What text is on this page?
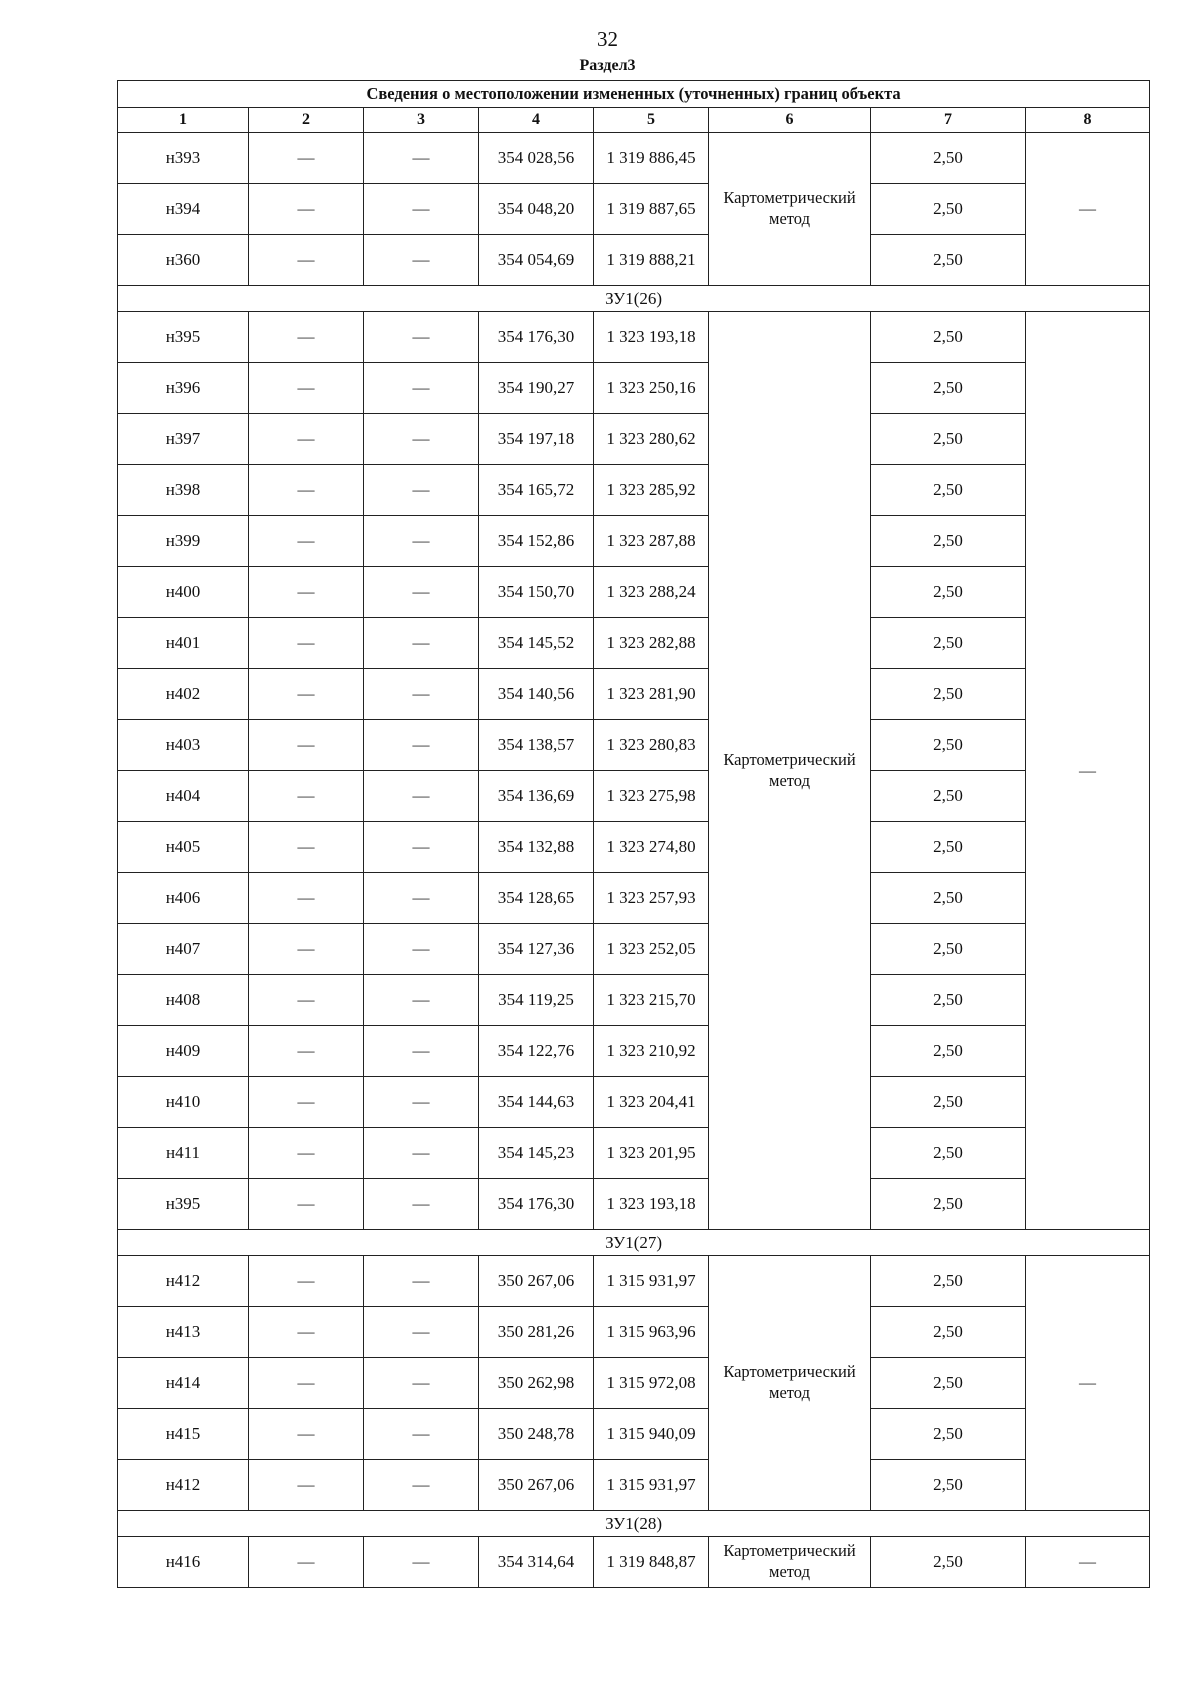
32
Раздел3
Сведения о местоположении измененных (уточненных) границ объекта							
1	2	3	4	5	6	7	8
н393	—	—	354 028,56	1 319 886,45	Картометрический метод	2,50	—
н394	—	—	354 048,20	1 319 887,65		2,50	
н360	—	—	354 054,69	1 319 888,21		2,50	
ЗУ1(26)							
н395	—	—	354 176,30	1 323 193,18	Картометрический метод	2,50	—
н396	—	—	354 190,27	1 323 250,16		2,50	
н397	—	—	354 197,18	1 323 280,62		2,50	
н398	—	—	354 165,72	1 323 285,92		2,50	
н399	—	—	354 152,86	1 323 287,88		2,50	
н400	—	—	354 150,70	1 323 288,24		2,50	
н401	—	—	354 145,52	1 323 282,88		2,50	
н402	—	—	354 140,56	1 323 281,90		2,50	
н403	—	—	354 138,57	1 323 280,83		2,50	
н404	—	—	354 136,69	1 323 275,98		2,50	
н405	—	—	354 132,88	1 323 274,80		2,50	
н406	—	—	354 128,65	1 323 257,93		2,50	
н407	—	—	354 127,36	1 323 252,05		2,50	
н408	—	—	354 119,25	1 323 215,70		2,50	
н409	—	—	354 122,76	1 323 210,92		2,50	
н410	—	—	354 144,63	1 323 204,41		2,50	
н411	—	—	354 145,23	1 323 201,95		2,50	
н395	—	—	354 176,30	1 323 193,18		2,50	
ЗУ1(27)							
н412	—	—	350 267,06	1 315 931,97	Картометрический метод	2,50	—
н413	—	—	350 281,26	1 315 963,96		2,50	
н414	—	—	350 262,98	1 315 972,08		2,50	
н415	—	—	350 248,78	1 315 940,09		2,50	
н412	—	—	350 267,06	1 315 931,97		2,50	
ЗУ1(28)							
н416	—	—	354 314,64	1 319 848,87	Картометрический метод	2,50	—
